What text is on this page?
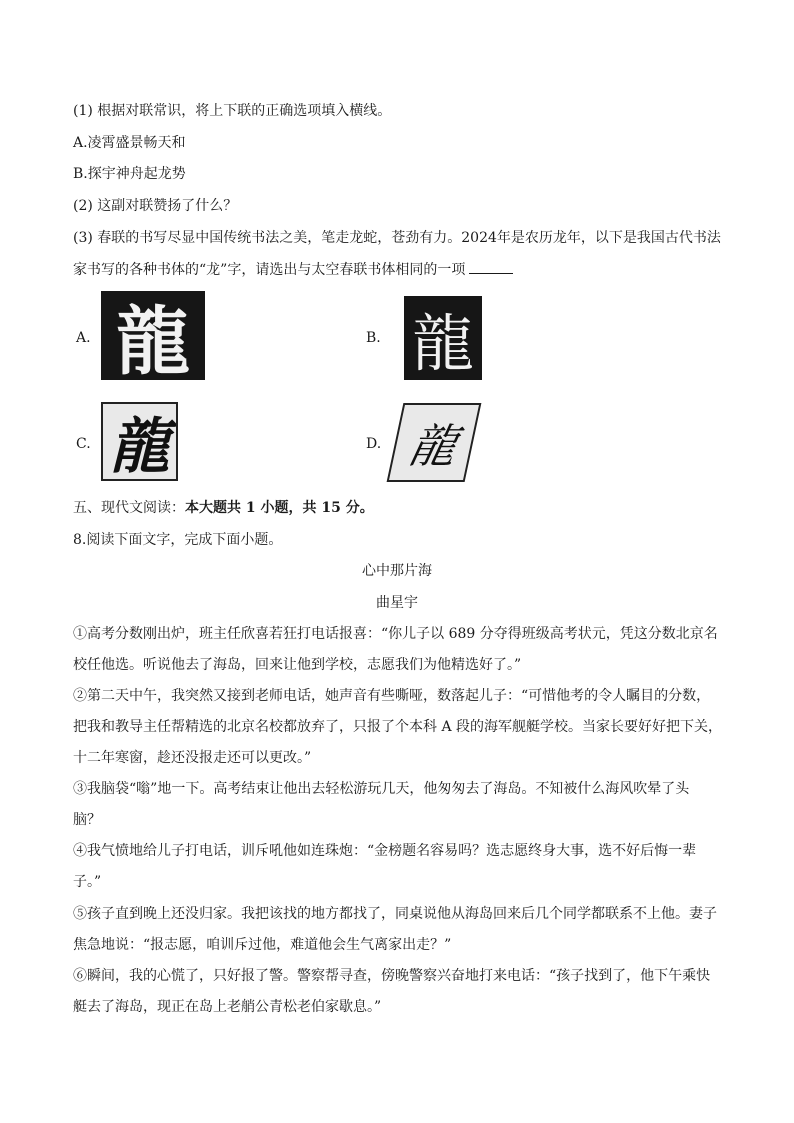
(1) 根据对联常识，将上下联的正确选项填入横线。
A.凌霄盛景畅天和
B.探宇神舟起龙势
(2) 这副对联赞扬了什么？
(3) 春联的书写尽显中国传统书法之美，笔走龙蛇，苍劲有力。2024年是农历龙年，以下是我国古代书法
家书写的各种书体的“龙”字，请选出与太空春联书体相同的一项
A. 龍	B. 龍
C. 龍	D. 龍
五、现代文阅读：本大题共 1 小题，共 15 分。
8.阅读下面文字，完成下面小题。
心中那片海
曲星宇
①高考分数刚出炉，班主任欣喜若狂打电话报喜：“你儿子以 689 分夺得班级高考状元，凭这分数北京名
校任他选。听说他去了海岛，回来让他到学校，志愿我们为他精选好了。”
②第二天中午，我突然又接到老师电话，她声音有些嘶哑，数落起儿子：“可惜他考的令人瞩目的分数，
把我和教导主任帮精选的北京名校都放弃了，只报了个本科 A 段的海军舰艇学校。当家长要好好把下关，
十二年寒窗，趁还没报走还可以更改。”
③我脑袋“嗡”地一下。高考结束让他出去轻松游玩几天，他匆匆去了海岛。不知被什么海风吹晕了头
脑？
④我气愤地给儿子打电话，训斥吼他如连珠炮：“金榜题名容易吗？选志愿终身大事，选不好后悔一辈
子。”
⑤孩子直到晚上还没归家。我把该找的地方都找了，同桌说他从海岛回来后几个同学都联系不上他。妻子
焦急地说：“报志愿，咱训斥过他，难道他会生气离家出走？”
⑥瞬间，我的心慌了，只好报了警。警察帮寻查，傍晚警察兴奋地打来电话：“孩子找到了，他下午乘快
艇去了海岛，现正在岛上老艄公青松老伯家歇息。”
